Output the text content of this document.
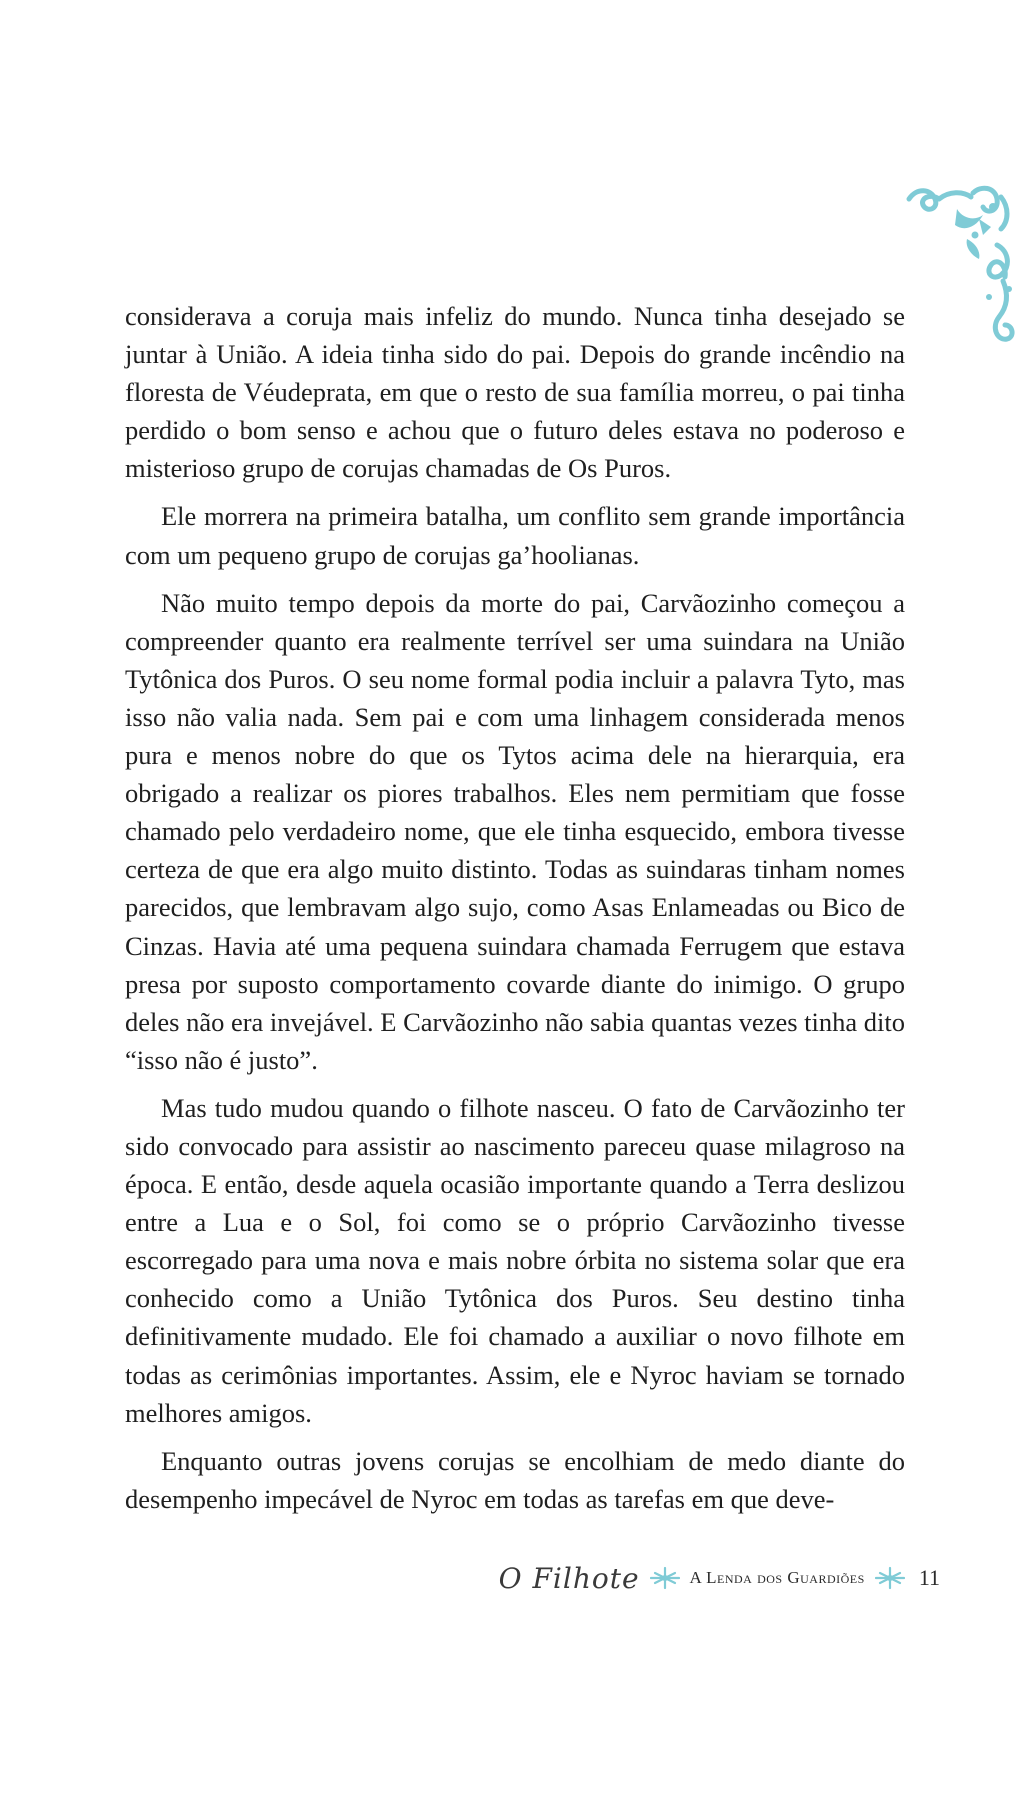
considerava a coruja mais infeliz do mundo. Nunca tinha desejado se juntar à União. A ideia tinha sido do pai. Depois do grande incêndio na floresta de Véudeprata, em que o resto de sua família morreu, o pai tinha perdido o bom senso e achou que o futuro deles estava no poderoso e misterioso grupo de corujas chamadas de Os Puros.

Ele morrera na primeira batalha, um conflito sem grande importância com um pequeno grupo de corujas ga’hoolianas.

Não muito tempo depois da morte do pai, Carvãozinho começou a compreender quanto era realmente terrível ser uma suindara na União Tytônica dos Puros. O seu nome formal podia incluir a palavra Tyto, mas isso não valia nada. Sem pai e com uma linhagem considerada menos pura e menos nobre do que os Tytos acima dele na hierarquia, era obrigado a realizar os piores trabalhos. Eles nem permitiam que fosse chamado pelo verdadeiro nome, que ele tinha esquecido, embora tivesse certeza de que era algo muito distinto. Todas as suindaras tinham nomes parecidos, que lembravam algo sujo, como Asas Enlameadas ou Bico de Cinzas. Havia até uma pequena suindara chamada Ferrugem que estava presa por suposto comportamento covarde diante do inimigo. O grupo deles não era invejável. E Carvãozinho não sabia quantas vezes tinha dito “isso não é justo”.

Mas tudo mudou quando o filhote nasceu. O fato de Carvãozinho ter sido convocado para assistir ao nascimento pareceu quase milagroso na época. E então, desde aquela ocasião importante quando a Terra deslizou entre a Lua e o Sol, foi como se o próprio Carvãozinho tivesse escorregado para uma nova e mais nobre órbita no sistema solar que era conhecido como a União Tytônica dos Puros. Seu destino tinha definitivamente mudado. Ele foi chamado a auxiliar o novo filhote em todas as cerimônias importantes. Assim, ele e Nyroc haviam se tornado melhores amigos.

Enquanto outras jovens corujas se encolhiam de medo diante do desempenho impecável de Nyroc em todas as tarefas em que deve-

O Filhote	A Lenda dos Guardiões 11
